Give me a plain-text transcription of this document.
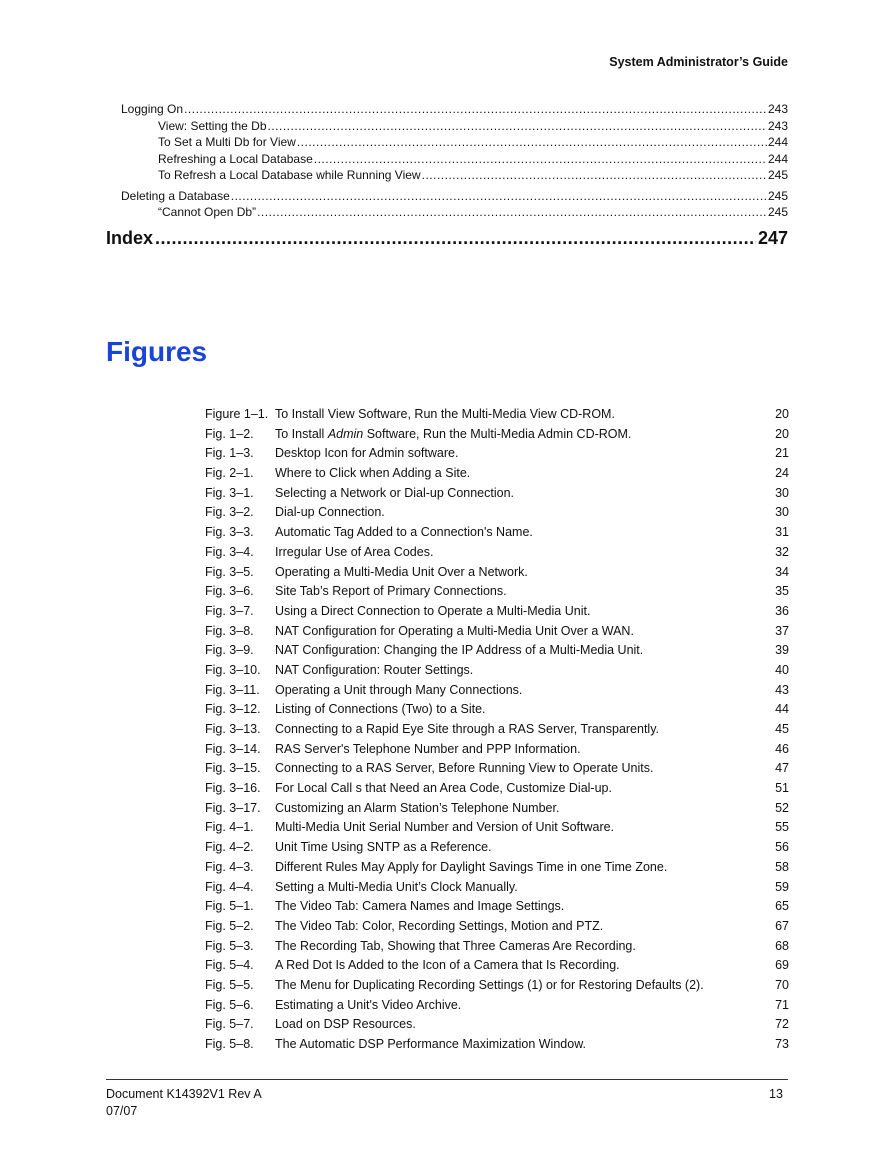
System Administrator’s Guide
Logging On .....	243
View: Setting the Db .....	243
To Set a Multi Db for View .....	244
Refreshing a Local Database .....	244
To Refresh a Local Database while Running View .....	245
Deleting a Database .....	245
“Cannot Open Db” .....	245
Index .....	247
Figures
Figure 1–1. To Install View Software, Run the Multi-Media View CD-ROM.	20
Fig. 1–2.	To Install Admin Software, Run the Multi-Media Admin CD-ROM.	20
Fig. 1–3.	Desktop Icon for Admin software.	21
Fig. 2–1.	Where to Click when Adding a Site.	24
Fig. 3–1.	Selecting a Network or Dial-up Connection.	30
Fig. 3–2.	Dial-up Connection.	30
Fig. 3–3.	Automatic Tag Added to a Connection's Name.	31
Fig. 3–4.	Irregular Use of Area Codes.	32
Fig. 3–5.	Operating a Multi-Media Unit Over a Network.	34
Fig. 3–6.	Site Tab’s Report of Primary Connections.	35
Fig. 3–7.	Using a Direct Connection to Operate a Multi-Media Unit.	36
Fig. 3–8.	NAT Configuration for Operating a Multi-Media Unit Over a WAN.	37
Fig. 3–9.	NAT Configuration: Changing the IP Address of a Multi-Media Unit.	39
Fig. 3–10.	NAT Configuration: Router Settings.	40
Fig. 3–11.	Operating a Unit through Many Connections.	43
Fig. 3–12.	Listing of Connections (Two) to a Site.	44
Fig. 3–13.	Connecting to a Rapid Eye Site through a RAS Server, Transparently.	45
Fig. 3–14.	RAS Server's Telephone Number and PPP Information.	46
Fig. 3–15.	Connecting to a RAS Server, Before Running View to Operate Units.	47
Fig. 3–16.	For Local Call s that Need an Area Code, Customize Dial-up.	51
Fig. 3–17.	Customizing an Alarm Station’s Telephone Number.	52
Fig. 4–1.	Multi-Media Unit Serial Number and Version of Unit Software.	55
Fig. 4–2.	Unit Time Using SNTP as a Reference.	56
Fig. 4–3.	Different Rules May Apply for Daylight Savings Time in one Time Zone.	58
Fig. 4–4.	Setting a Multi-Media Unit’s Clock Manually.	59
Fig. 5–1.	The Video Tab: Camera Names and Image Settings.	65
Fig. 5–2.	The Video Tab: Color, Recording Settings, Motion and PTZ.	67
Fig. 5–3.	The Recording Tab, Showing that Three Cameras Are Recording.	68
Fig. 5–4.	A Red Dot Is Added to the Icon of a Camera that Is Recording.	69
Fig. 5–5.	The Menu for Duplicating Recording Settings (1) or for Restoring Defaults (2).	70
Fig. 5–6.	Estimating a Unit's Video Archive.	71
Fig. 5–7.	Load on DSP Resources.	72
Fig. 5–8.	The Automatic DSP Performance Maximization Window.	73
Document K14392V1 Rev A
07/07
13
